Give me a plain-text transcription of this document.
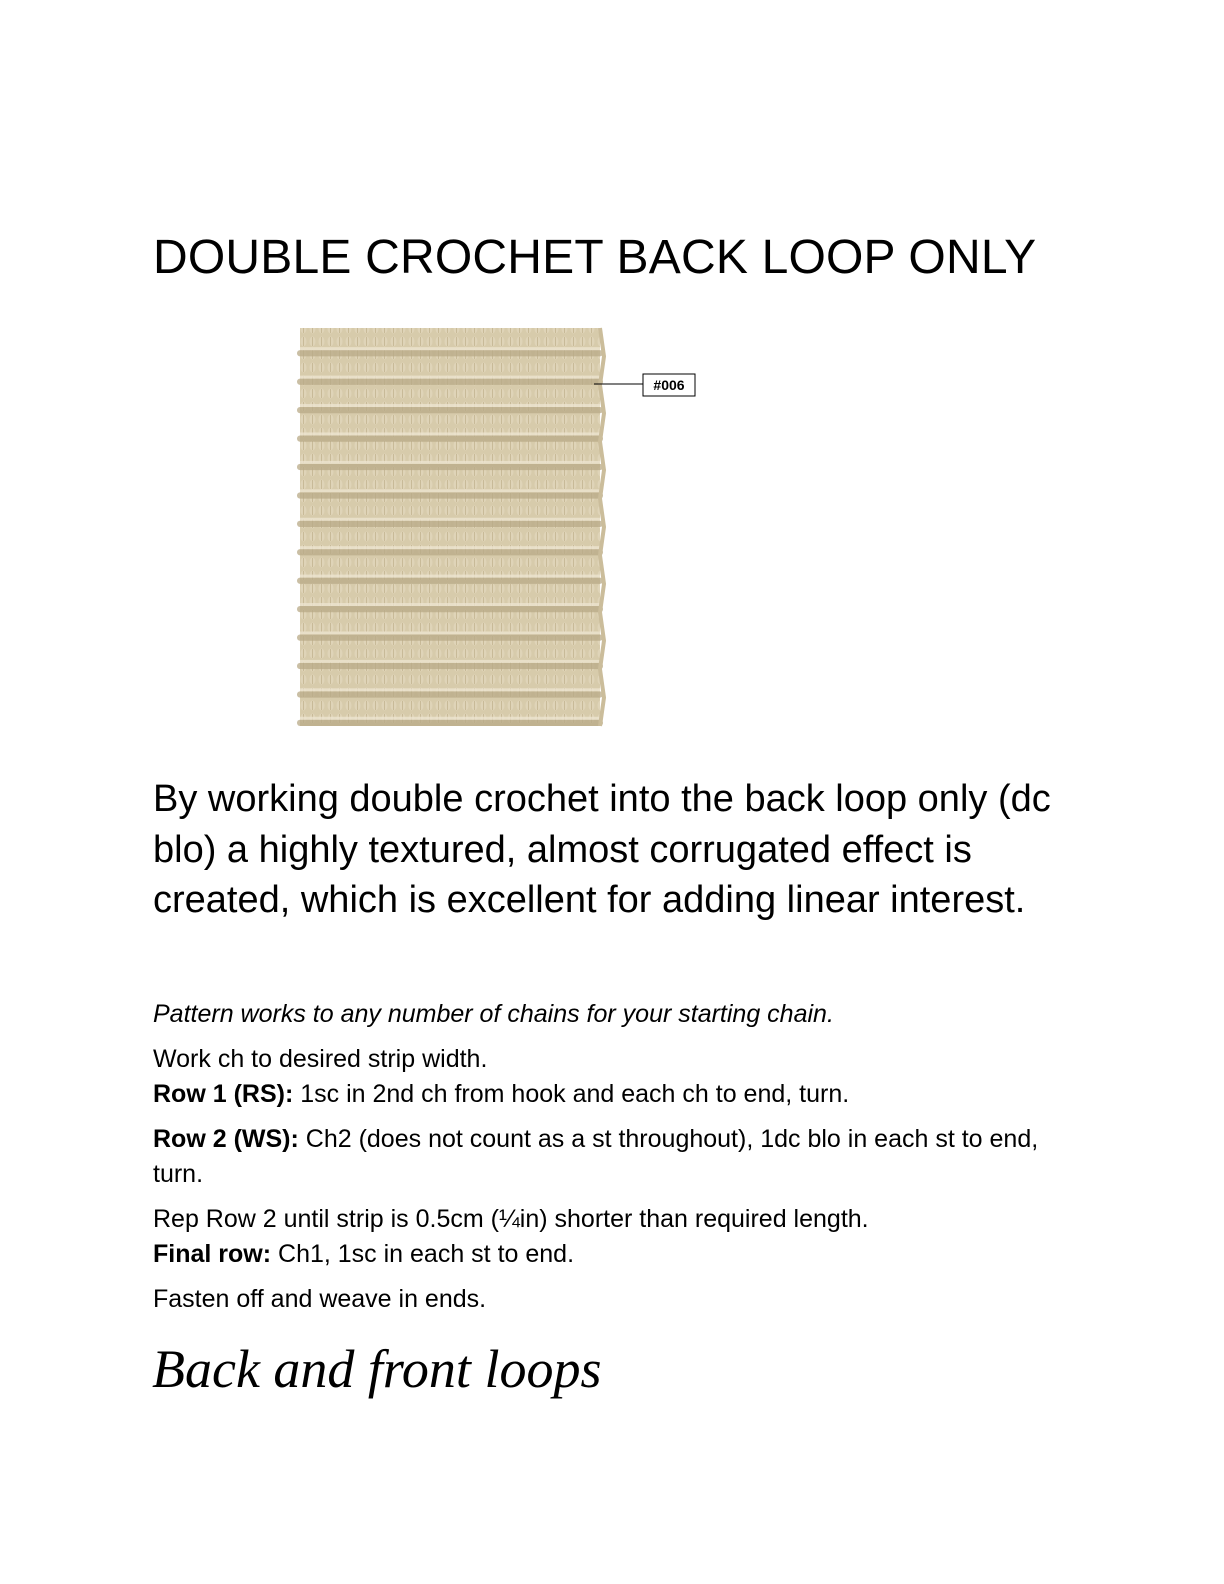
DOUBLE CROCHET BACK LOOP ONLY
#006

By working double crochet into the back loop only (dc blo) a highly textured, almost corrugated effect is created, which is excellent for adding linear interest.

Pattern works to any number of chains for your starting chain.

Work ch to desired strip width.

Row 1 (RS): 1sc in 2nd ch from hook and each ch to end, turn.

Row 2 (WS): Ch2 (does not count as a st throughout), 1dc blo in each st to end, turn.

Rep Row 2 until strip is 0.5cm (¼in) shorter than required length.

Final row: Ch1, 1sc in each st to end.

Fasten off and weave in ends.

Back and front loops
